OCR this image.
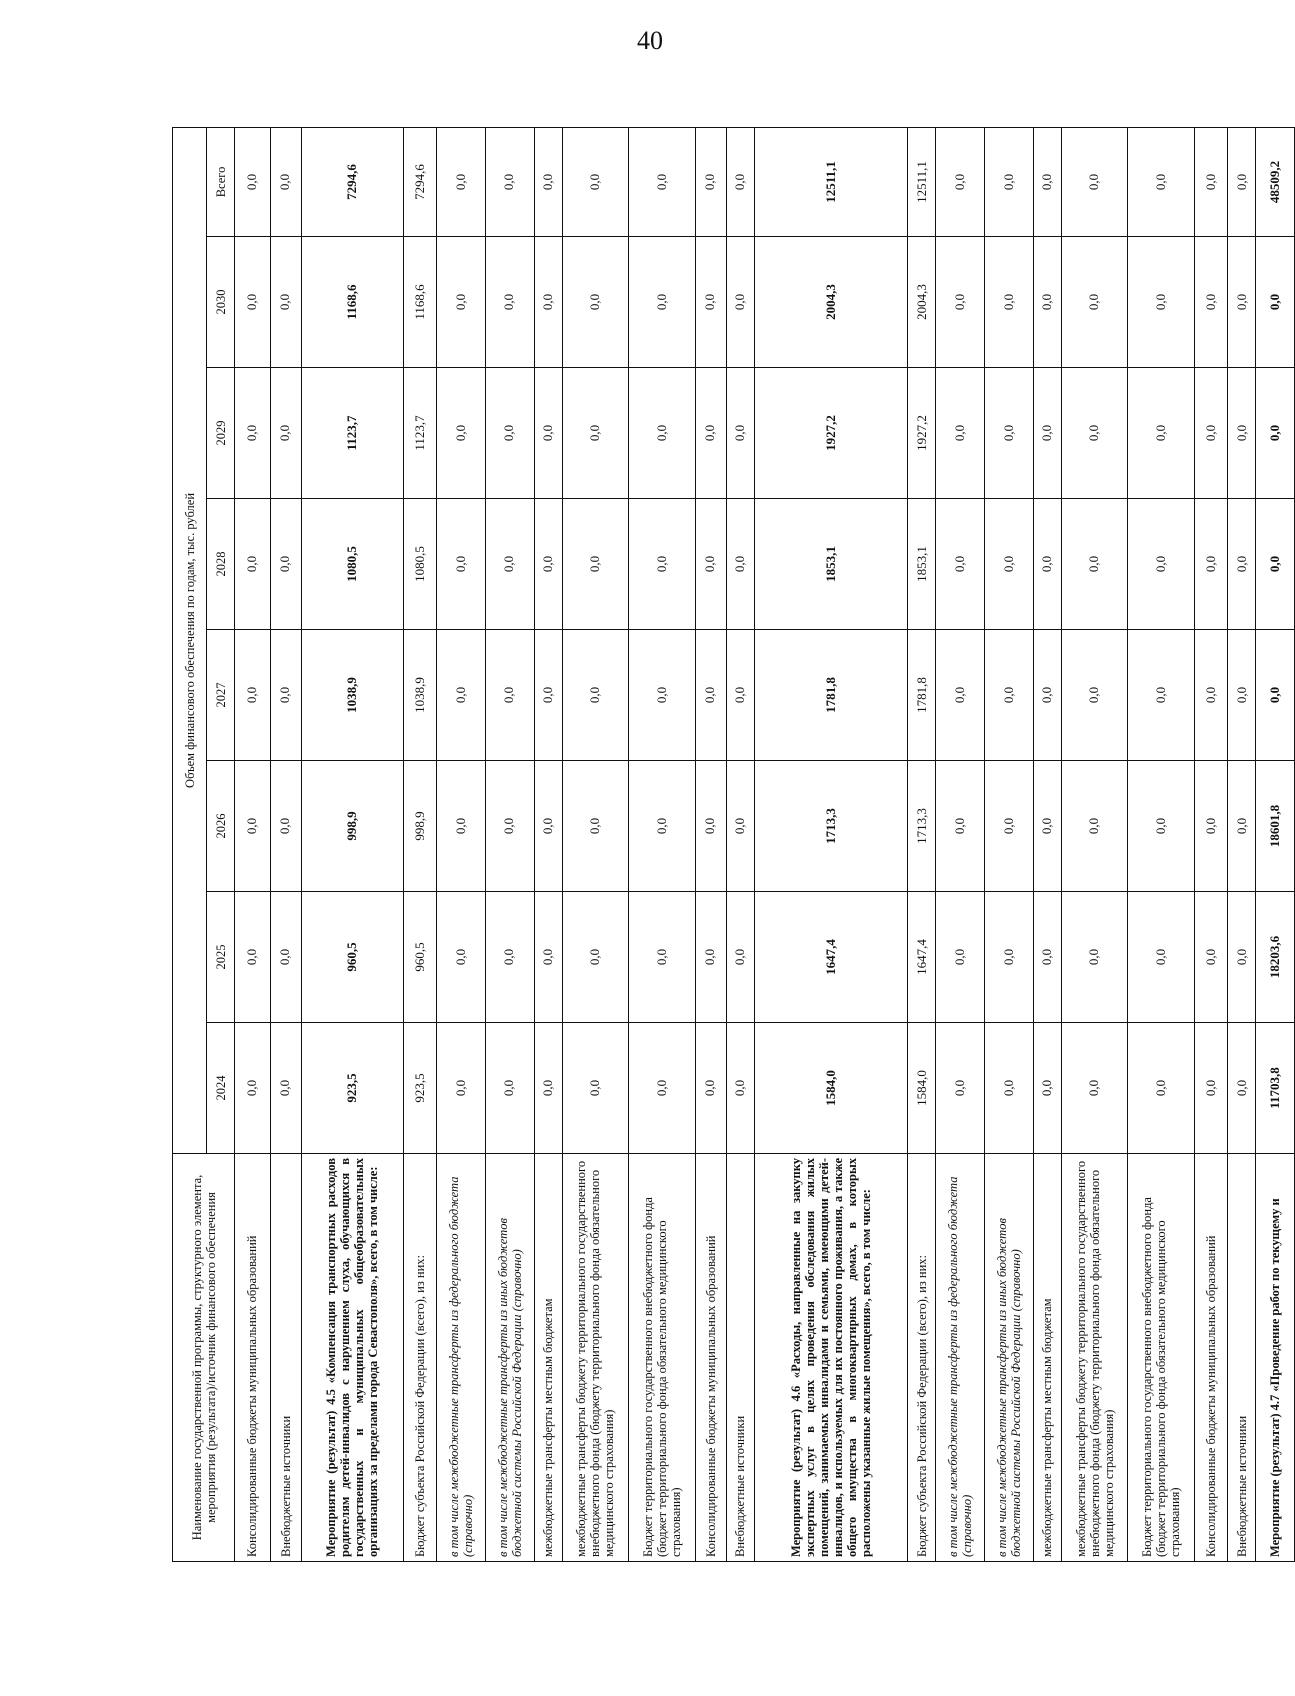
40
Наименование государственной программы, структурного элемента, мероприятия (результата)/источник финансового обеспечения	Объем финансового обеспечения по годам, тыс. рублей							
	2024	2025	2026	2027	2028	2029	2030	Всего
Консолидированные бюджеты муниципальных образований	0,0	0,0	0,0	0,0	0,0	0,0	0,0	0,0
Внебюджетные источники	0,0	0,0	0,0	0,0	0,0	0,0	0,0	0,0
Мероприятие (результат) 4.5 «Компенсация транспортных расходов родителям детей-инвалидов с нарушением слуха, обучающихся в государственных и муниципальных общеобразовательных организациях за пределами города Севастополя», всего, в том числе:	923,5	960,5	998,9	1038,9	1080,5	1123,7	1168,6	7294,6
Бюджет субъекта Российской Федерации (всего), из них:	923,5	960,5	998,9	1038,9	1080,5	1123,7	1168,6	7294,6
в том числе межбюджетные трансферты из федерального бюджета (справочно)	0,0	0,0	0,0	0,0	0,0	0,0	0,0	0,0
в том числе межбюджетные трансферты из иных бюджетов бюджетной системы Российской Федерации (справочно)	0,0	0,0	0,0	0,0	0,0	0,0	0,0	0,0
межбюджетные трансферты местным бюджетам	0,0	0,0	0,0	0,0	0,0	0,0	0,0	0,0
межбюджетные трансферты бюджету территориального государственного внебюджетного фонда (бюджету территориального фонда обязательного медицинского страхования)	0,0	0,0	0,0	0,0	0,0	0,0	0,0	0,0
Бюджет территориального государственного внебюджетного фонда (бюджет территориального фонда обязательного медицинского страхования)	0,0	0,0	0,0	0,0	0,0	0,0	0,0	0,0
Консолидированные бюджеты муниципальных образований	0,0	0,0	0,0	0,0	0,0	0,0	0,0	0,0
Внебюджетные источники	0,0	0,0	0,0	0,0	0,0	0,0	0,0	0,0
Мероприятие (результат) 4.6 «Расходы, направленные на закупку экспертных услуг в целях проведения обследования жилых помещений, занимаемых инвалидами и семьями, имеющими детей-инвалидов, и используемых для их постоянного проживания, а также общего имущества в многоквартирных домах, в которых расположены указанные жилые помещения», всего, в том числе:	1584,0	1647,4	1713,3	1781,8	1853,1	1927,2	2004,3	12511,1
Бюджет субъекта Российской Федерации (всего), из них:	1584,0	1647,4	1713,3	1781,8	1853,1	1927,2	2004,3	12511,1
в том числе межбюджетные трансферты из федерального бюджета (справочно)	0,0	0,0	0,0	0,0	0,0	0,0	0,0	0,0
в том числе межбюджетные трансферты из иных бюджетов бюджетной системы Российской Федерации (справочно)	0,0	0,0	0,0	0,0	0,0	0,0	0,0	0,0
межбюджетные трансферты местным бюджетам	0,0	0,0	0,0	0,0	0,0	0,0	0,0	0,0
межбюджетные трансферты бюджету территориального государственного внебюджетного фонда (бюджету территориального фонда обязательного медицинского страхования)	0,0	0,0	0,0	0,0	0,0	0,0	0,0	0,0
Бюджет территориального государственного внебюджетного фонда (бюджет территориального фонда обязательного медицинского страхования)	0,0	0,0	0,0	0,0	0,0	0,0	0,0	0,0
Консолидированные бюджеты муниципальных образований	0,0	0,0	0,0	0,0	0,0	0,0	0,0	0,0
Внебюджетные источники	0,0	0,0	0,0	0,0	0,0	0,0	0,0	0,0
Мероприятие (результат) 4.7 «Проведение работ по текущему и	11703,8	18203,6	18601,8	0,0	0,0	0,0	0,0	48509,2
